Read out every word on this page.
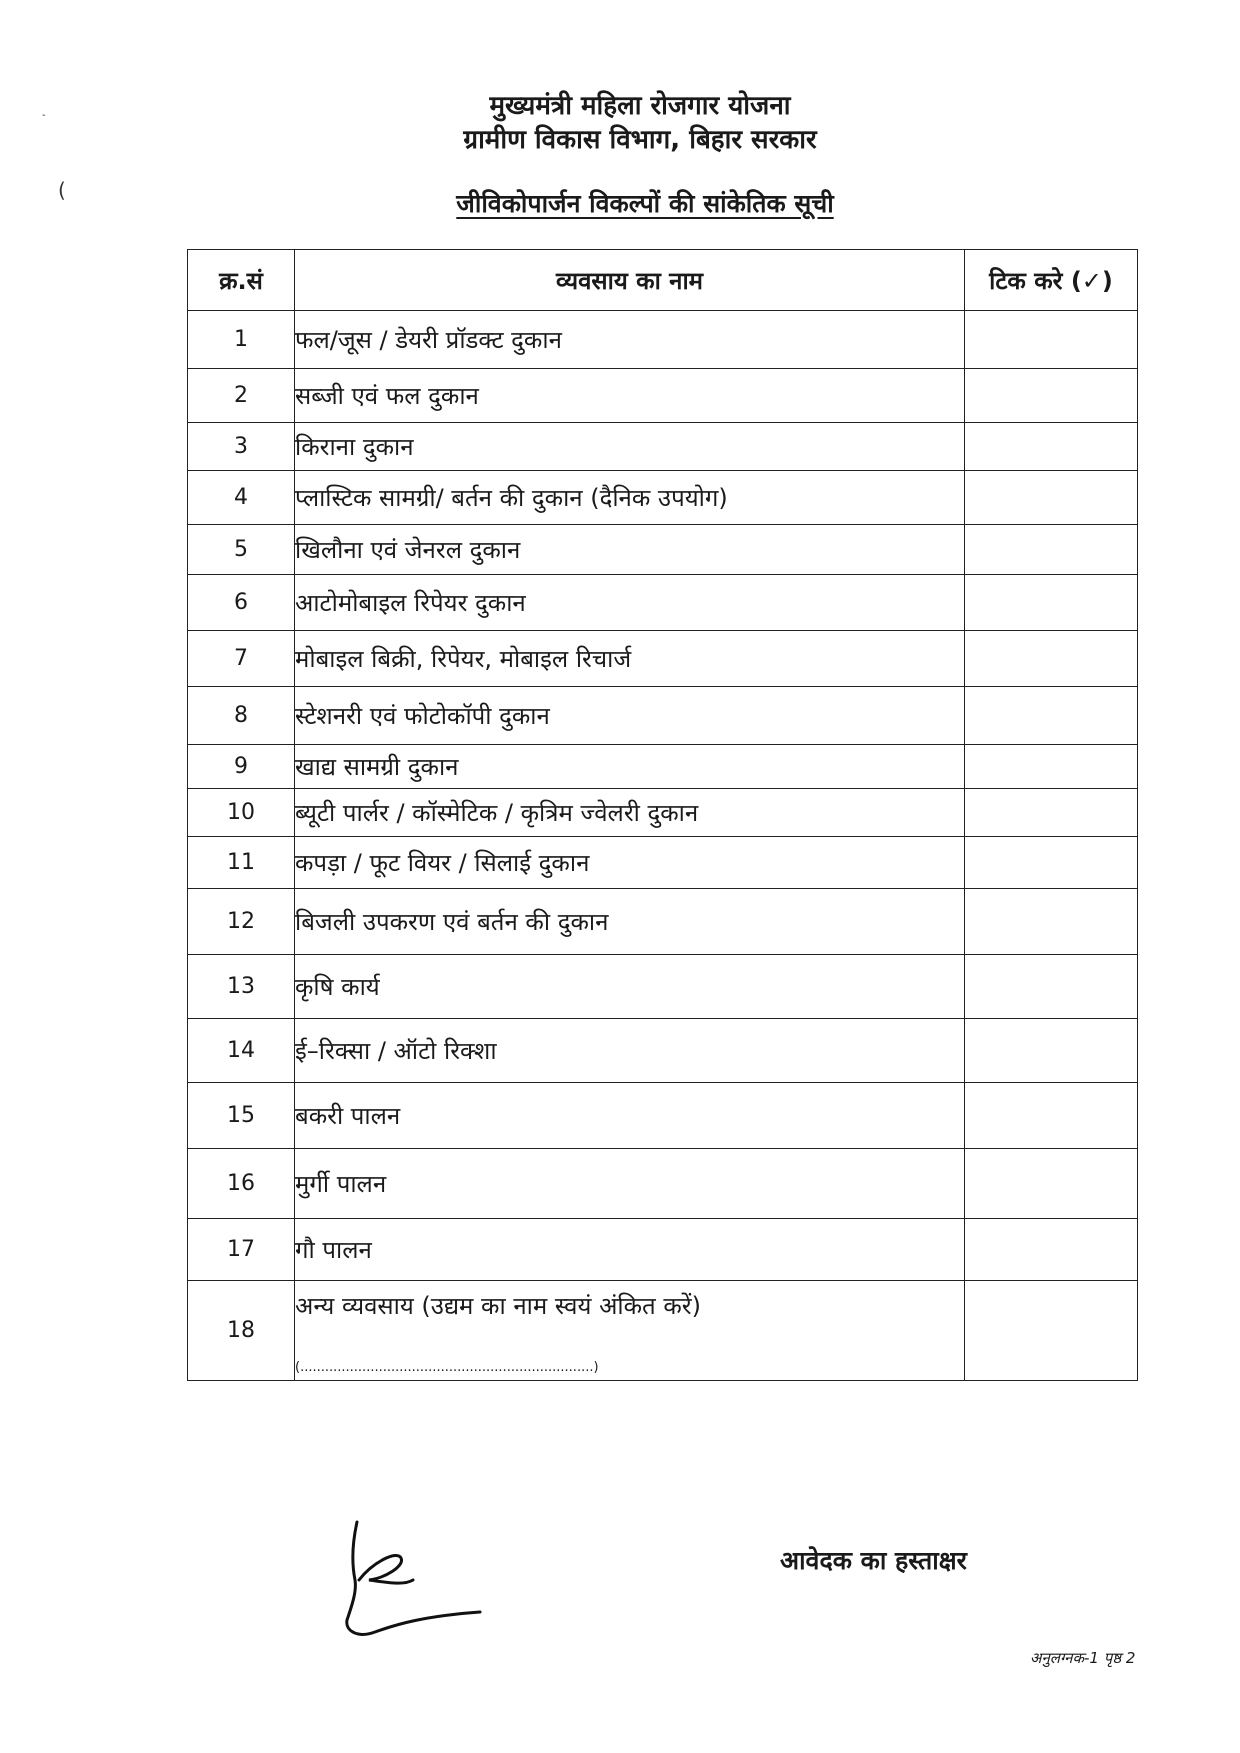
-
(
मुख्यमंत्री महिला रोजगार योजना
ग्रामीण विकास विभाग, बिहार सरकार
जीविकोपार्जन विकल्पों की सांकेतिक सूची
क्र.सं	व्यवसाय का नाम	टिक करे (✓)
1	फल/जूस / डेयरी प्रॉडक्ट दुकान	
2	सब्जी एवं फल दुकान	
3	किराना दुकान	
4	प्लास्टिक सामग्री/ बर्तन की दुकान (दैनिक उपयोग)	
5	खिलौना एवं जेनरल दुकान	
6	आटोमोबाइल रिपेयर दुकान	
7	मोबाइल बिक्री, रिपेयर, मोबाइल रिचार्ज	
8	स्टेशनरी एवं फोटोकॉपी दुकान	
9	खाद्य सामग्री दुकान	
10	ब्यूटी पार्लर / कॉस्मेटिक / कृत्रिम ज्वेलरी दुकान	
11	कपड़ा / फूट वियर / सिलाई दुकान	
12	बिजली उपकरण एवं बर्तन की दुकान	
13	कृषि कार्य	
14	ई–रिक्सा / ऑटो रिक्शा	
15	बकरी पालन	
16	मुर्गी पालन	
17	गौ पालन	
18	अन्य व्यवसाय (उद्यम का नाम स्वयं अंकित करें)
(.......................................................................)	

आवेदक का हस्ताक्षर
अनुलग्नक-1 पृष्ठ 2
